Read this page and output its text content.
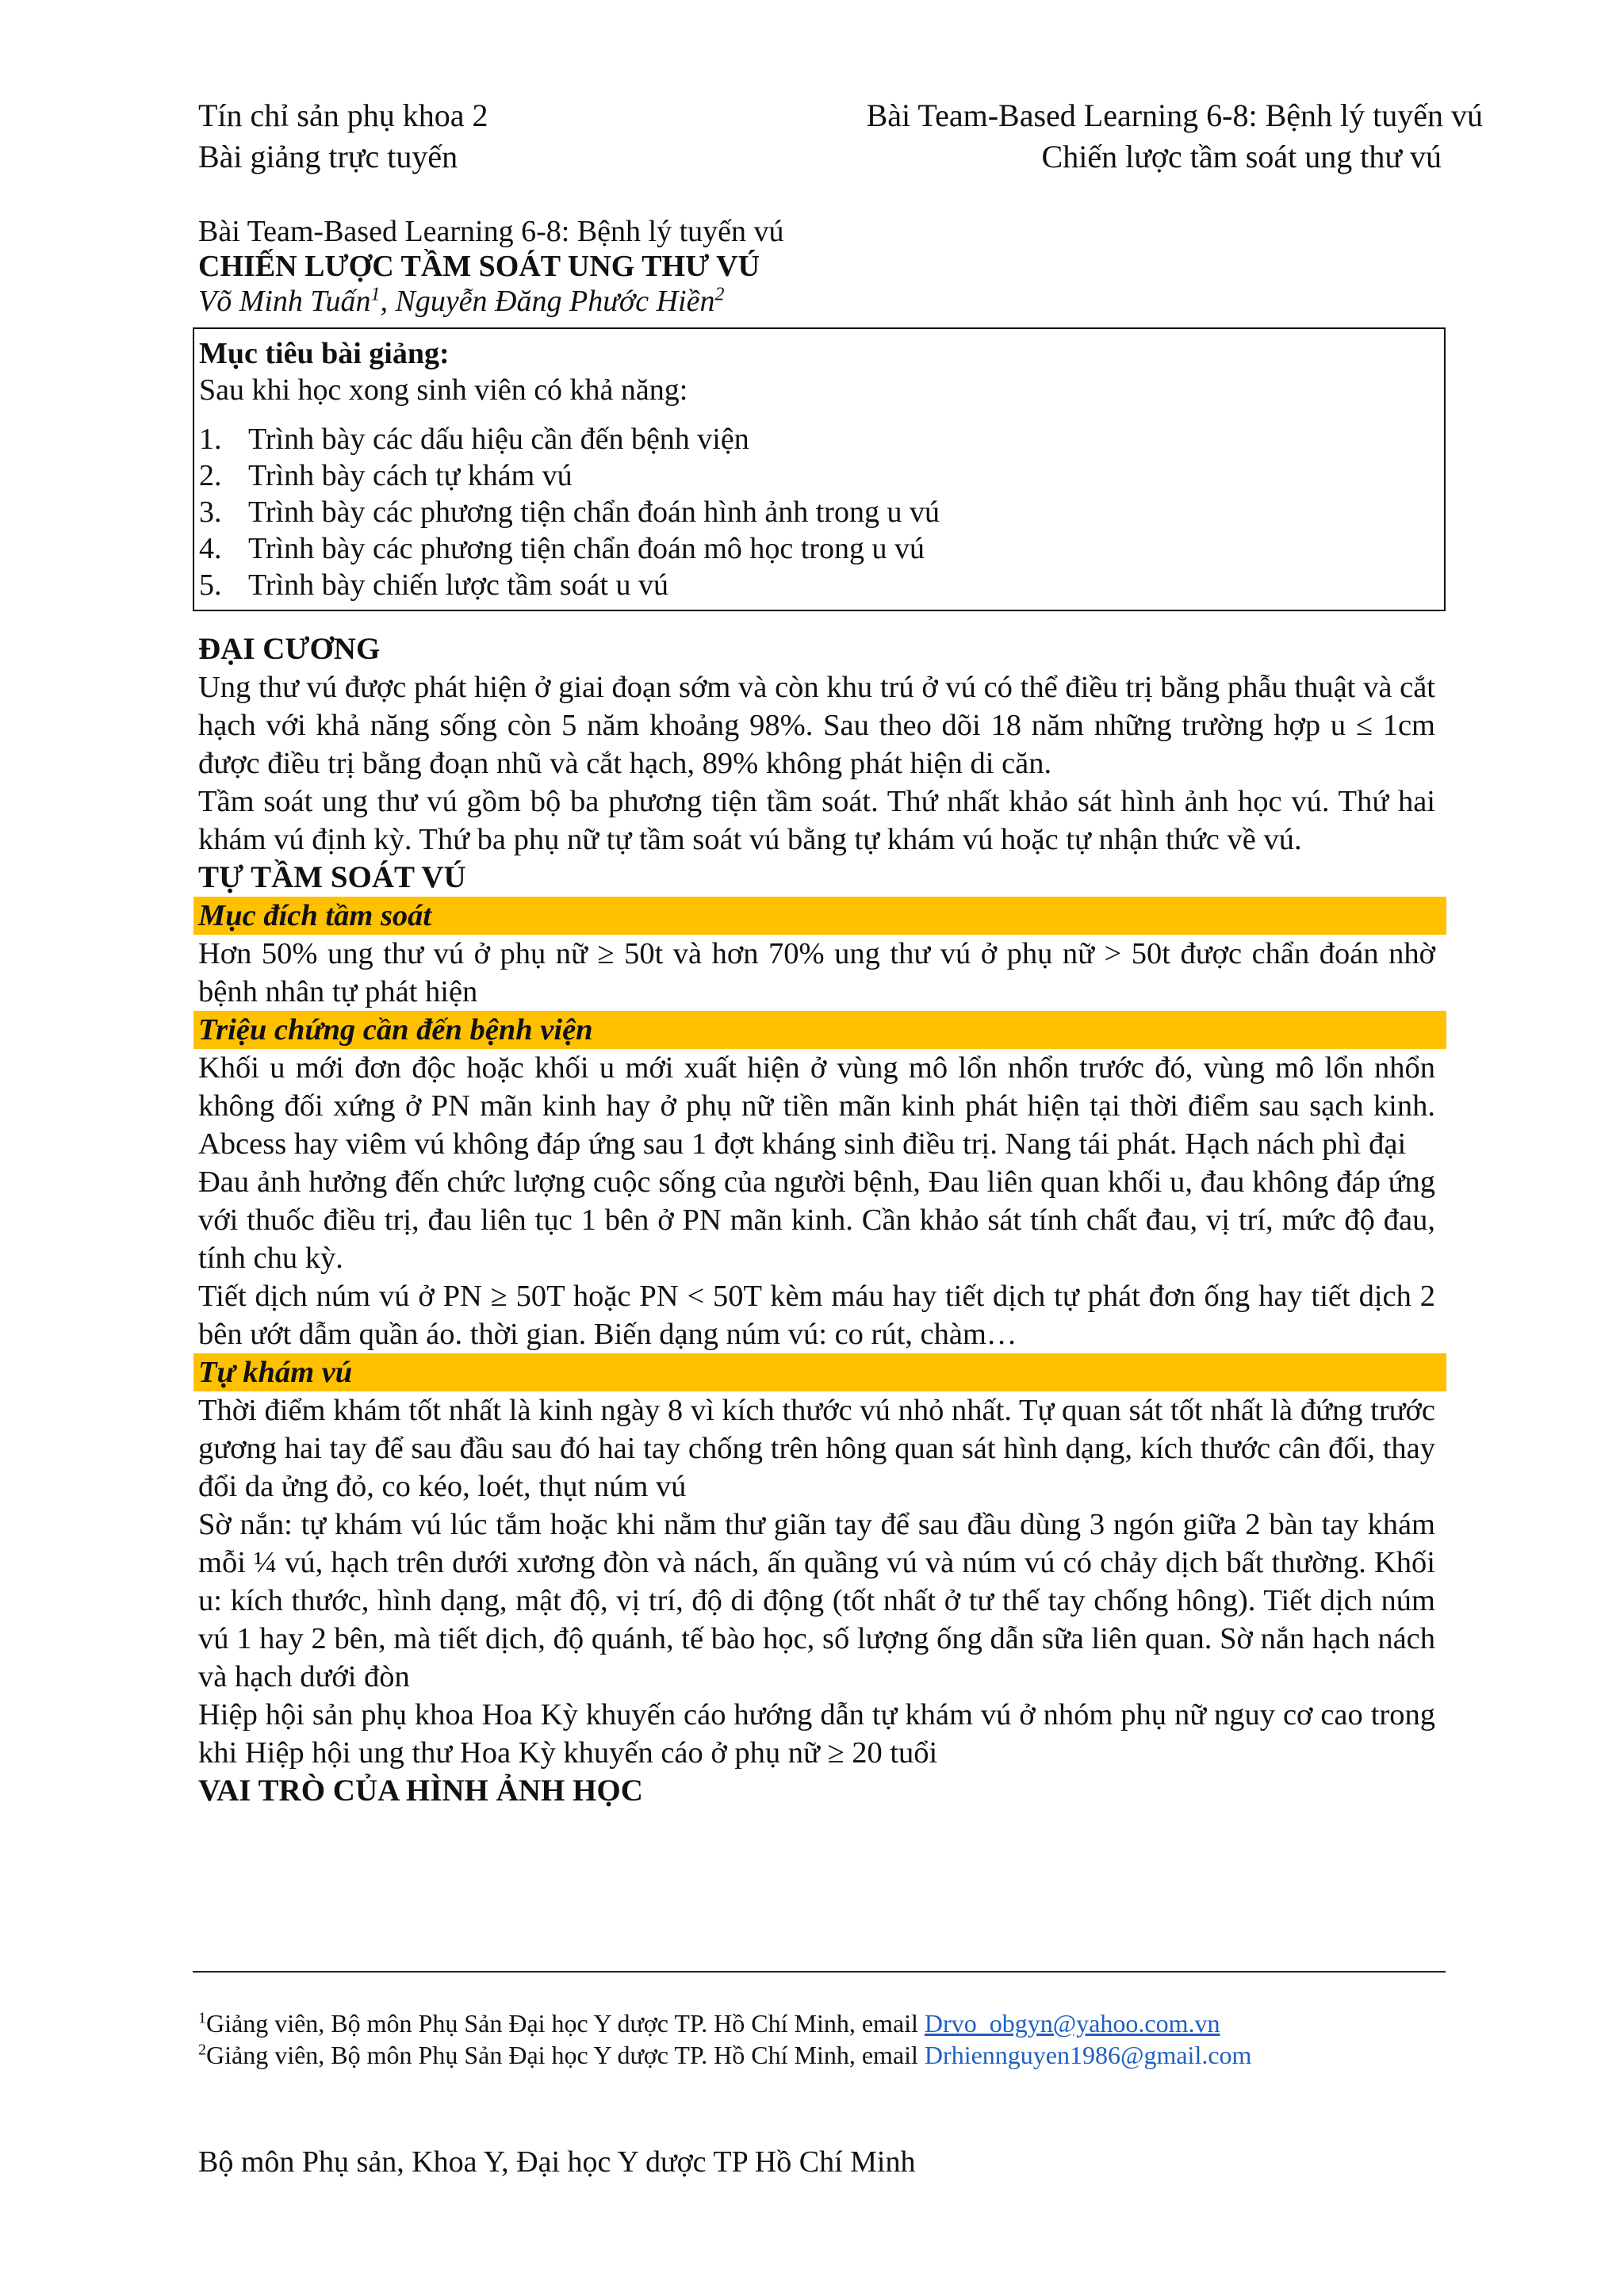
Tín chỉ sản phụ khoa 2	Bài Team-Based Learning 6-8: Bệnh lý tuyến vú
Bài giảng trực tuyến	Chiến lược tầm soát ung thư vú
Bài Team-Based Learning 6-8: Bệnh lý tuyến vú
CHIẾN LƯỢC TẦM SOÁT UNG THƯ VÚ
Võ Minh Tuấn$^1$, Nguyễn Đăng Phước Hiền$^2$
Mục tiêu bài giảng:
Sau khi học xong sinh viên có khả năng:
1. Trình bày các dấu hiệu cần đến bệnh viện
2. Trình bày cách tự khám vú
3. Trình bày các phương tiện chẩn đoán hình ảnh trong u vú
4. Trình bày các phương tiện chẩn đoán mô học trong u vú
5. Trình bày chiến lược tầm soát u vú
ĐẠI CƯƠNG

Ung thư vú được phát hiện ở giai đoạn sớm và còn khu trú ở vú có thể điều trị bằng phẫu thuật và cắt hạch với khả năng sống còn 5 năm khoảng 98%. Sau theo dõi 18 năm những trường hợp u ≤ 1cm được điều trị bằng đoạn nhũ và cắt hạch, 89% không phát hiện di căn.

Tầm soát ung thư vú gồm bộ ba phương tiện tầm soát. Thứ nhất khảo sát hình ảnh học vú. Thứ hai khám vú định kỳ. Thứ ba phụ nữ tự tầm soát vú bằng tự khám vú hoặc tự nhận thức về vú.

TỰ TẦM SOÁT VÚ
Mục đích tầm soát

Hơn 50% ung thư vú ở phụ nữ ≥ 50t và hơn 70% ung thư vú ở phụ nữ > 50t được chẩn đoán nhờ bệnh nhân tự phát hiện

Triệu chứng cần đến bệnh viện

Khối u mới đơn độc hoặc khối u mới xuất hiện ở vùng mô lổn nhổn trước đó, vùng mô lổn nhổn không đối xứng ở PN mãn kinh hay ở phụ nữ tiền mãn kinh phát hiện tại thời điểm sau sạch kinh. Abcess hay viêm vú không đáp ứng sau 1 đợt kháng sinh điều trị. Nang tái phát. Hạch nách phì đại

Đau ảnh hưởng đến chức lượng cuộc sống của người bệnh, Đau liên quan khối u, đau không đáp ứng với thuốc điều trị, đau liên tục 1 bên ở PN mãn kinh. Cần khảo sát tính chất đau, vị trí, mức độ đau, tính chu kỳ.

Tiết dịch núm vú ở PN ≥ 50T hoặc PN < 50T kèm máu hay tiết dịch tự phát đơn ống hay tiết dịch 2 bên ướt dẫm quần áo. thời gian. Biến dạng núm vú: co rút, chàm…

Tự khám vú

Thời điểm khám tốt nhất là kinh ngày 8 vì kích thước vú nhỏ nhất. Tự quan sát tốt nhất là đứng trước gương hai tay để sau đầu sau đó hai tay chống trên hông quan sát hình dạng, kích thước cân đối, thay đổi da ửng đỏ, co kéo, loét, thụt núm vú

Sờ nắn: tự khám vú lúc tắm hoặc khi nằm thư giãn tay để sau đầu dùng 3 ngón giữa 2 bàn tay khám mỗi ¼ vú, hạch trên dưới xương đòn và nách, ấn quầng vú và núm vú có chảy dịch bất thường. Khối u: kích thước, hình dạng, mật độ, vị trí, độ di động (tốt nhất ở tư thế tay chống hông). Tiết dịch núm vú 1 hay 2 bên, mà tiết dịch, độ quánh, tế bào học, số lượng ống dẫn sữa liên quan. Sờ nắn hạch nách và hạch dưới đòn

Hiệp hội sản phụ khoa Hoa Kỳ khuyến cáo hướng dẫn tự khám vú ở nhóm phụ nữ nguy cơ cao trong khi Hiệp hội ung thư Hoa Kỳ khuyến cáo ở phụ nữ ≥ 20 tuổi

VAI TRÒ CỦA HÌNH ẢNH HỌC
$^1$Giảng viên, Bộ môn Phụ Sản Đại học Y dược TP. Hồ Chí Minh, email Drvo_obgyn@yahoo.com.vn
$^2$Giảng viên, Bộ môn Phụ Sản Đại học Y dược TP. Hồ Chí Minh, email Drhiennguyen1986@gmail.com
Bộ môn Phụ sản, Khoa Y, Đại học Y dược TP Hồ Chí Minh
